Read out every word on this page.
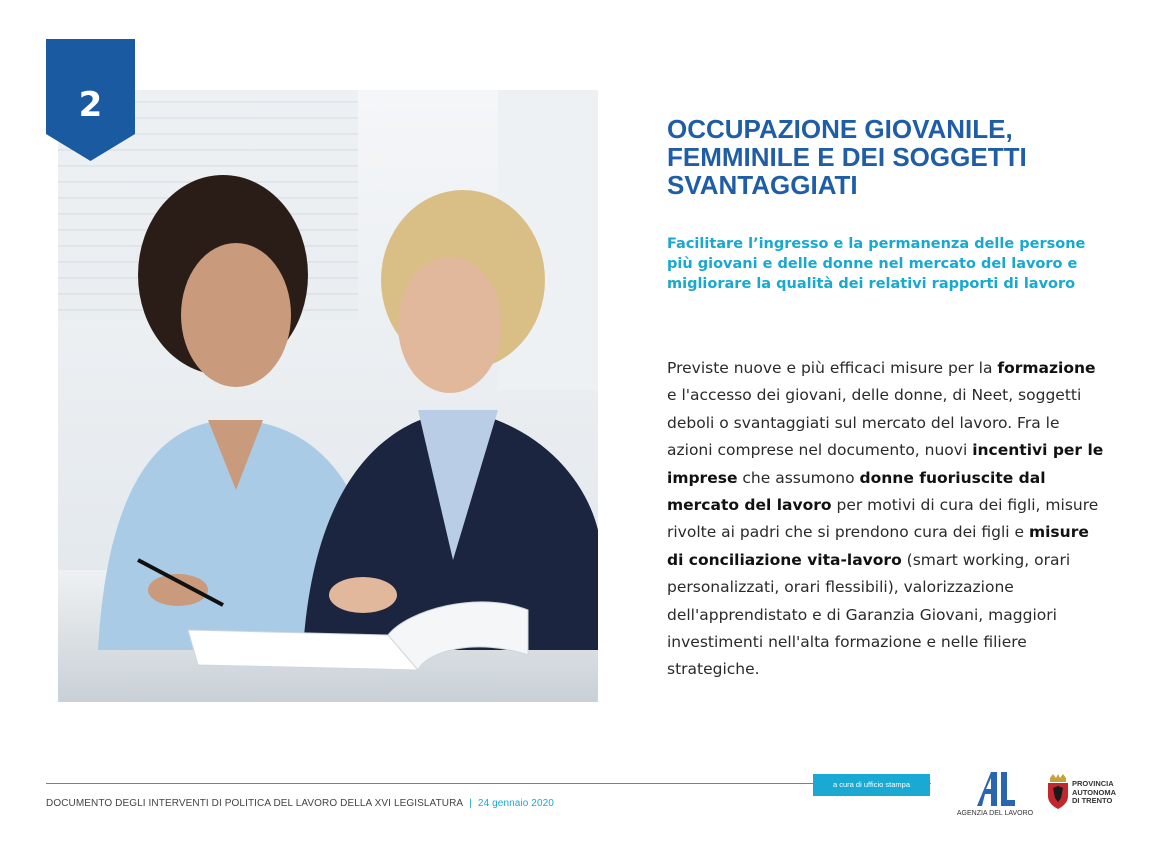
2
OCCUPAZIONE GIOVANILE,
FEMMINILE E DEI SOGGETTI
SVANTAGGIATI
Facilitare l’ingresso e la permanenza delle persone più giovani e delle donne nel mercato del lavoro e migliorare la qualità dei relativi rapporti di lavoro
Previste nuove e più efficaci misure per la formazione e l'accesso dei giovani, delle donne, di Neet, soggetti deboli o svantaggiati sul mercato del lavoro. Fra le azioni comprese nel documento, nuovi incentivi per le imprese che assumono donne fuoriuscite dal mercato del lavoro per motivi di cura dei figli, misure rivolte ai padri che si prendono cura dei figli e misure di conciliazione vita-lavoro (smart working, orari personalizzati, orari flessibili), valorizzazione dell'apprendistato e di Garanzia Giovani, maggiori investimenti nell'alta formazione e nelle filiere strategiche.
a cura di ufficio stampa
DOCUMENTO DEGLI INTERVENTI DI POLITICA DEL LAVORO DELLA XVI LEGISLATURA | 24 gennaio 2020
AGENZIA DEL LAVORO
PROVINCIA
AUTONOMA
DI TRENTO
